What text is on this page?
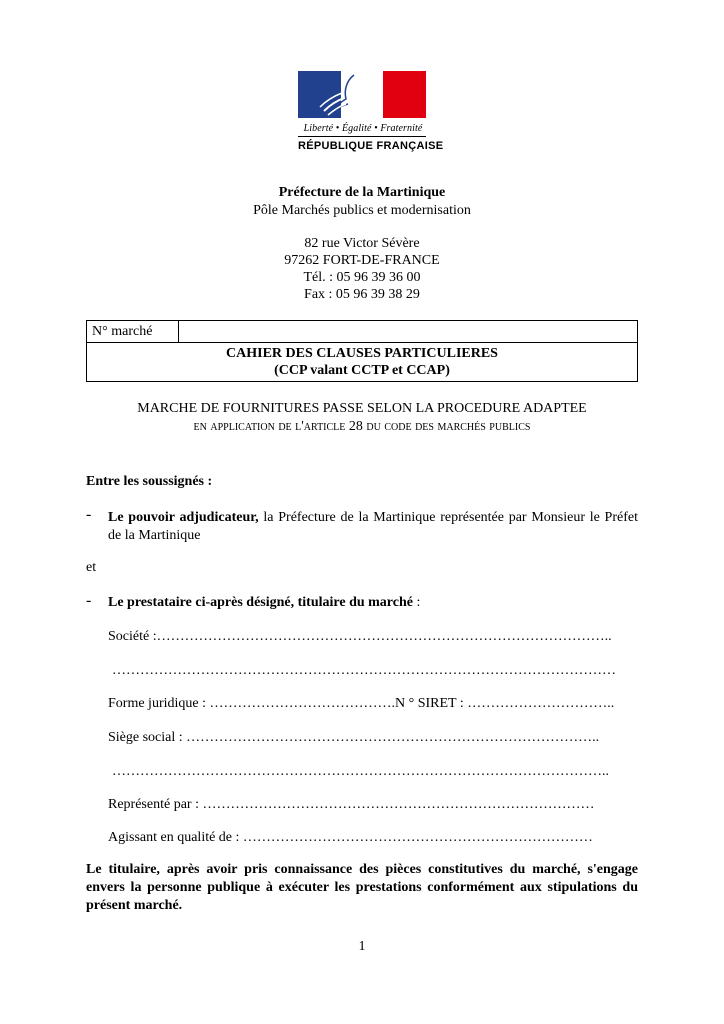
Liberté • Égalité • Fraternité
RÉPUBLIQUE FRANÇAISE
Préfecture de la Martinique
Pôle Marchés publics et modernisation
82 rue Victor Sévère
97262 FORT-DE-FRANCE
Tél. : 05 96 39 36 00
Fax : 05 96 39 38 29
N° marché
CAHIER DES CLAUSES PARTICULIERES
(CCP valant CCTP et CCAP)
MARCHE DE FOURNITURES PASSE SELON LA PROCEDURE ADAPTEE
en application de l'article 28 du code des marchés publics
Entre les soussignés :
- Le pouvoir adjudicateur, la Préfecture de la Martinique représentée par Monsieur le Préfet de la Martinique
et
- Le prestataire ci-après désigné, titulaire du marché :
Société :……………………………………………………………………………………..
………………………………………………………………………………………………
Forme juridique : ………………………………….N ° SIRET : …………………………..
Siège social : ……………………………………………………………………………..
……………………………………………………………………………………………..
Représenté par : …………………………………………………………………………
Agissant en qualité de : …………………………………………………………………
Le titulaire, après avoir pris connaissance des pièces constitutives du marché, s'engage envers la personne publique à exécuter les prestations conformément aux stipulations du présent marché.
1
